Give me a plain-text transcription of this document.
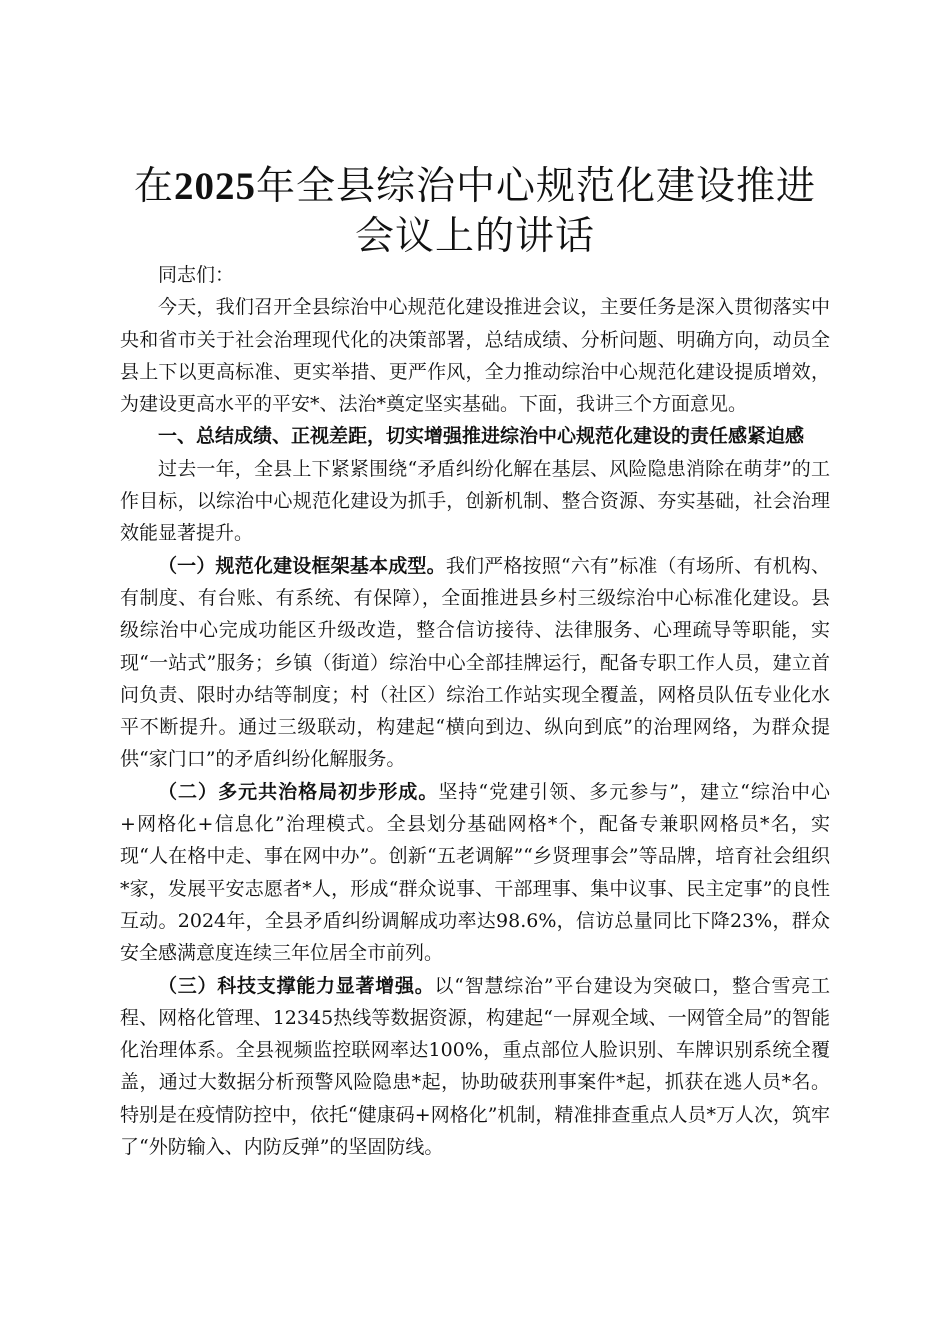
在2025年全县综治中心规范化建设推进会议上的讲话

同志们：

今天，我们召开全县综治中心规范化建设推进会议，主要任务是深入贯彻落实中央和省市关于社会治理现代化的决策部署，总结成绩、分析问题、明确方向，动员全县上下以更高标准、更实举措、更严作风，全力推动综治中心规范化建设提质增效，为建设更高水平的平安*、法治*奠定坚实基础。下面，我讲三个方面意见。

一、总结成绩、正视差距，切实增强推进综治中心规范化建设的责任感紧迫感

过去一年，全县上下紧紧围绕“矛盾纠纷化解在基层、风险隐患消除在萌芽”的工作目标，以综治中心规范化建设为抓手，创新机制、整合资源、夯实基础，社会治理效能显著提升。

（一）规范化建设框架基本成型。我们严格按照“六有”标准（有场所、有机构、有制度、有台账、有系统、有保障），全面推进县乡村三级综治中心标准化建设。县级综治中心完成功能区升级改造，整合信访接待、法律服务、心理疏导等职能，实现“一站式”服务；乡镇（街道）综治中心全部挂牌运行，配备专职工作人员，建立首问负责、限时办结等制度；村（社区）综治工作站实现全覆盖，网格员队伍专业化水平不断提升。通过三级联动，构建起“横向到边、纵向到底”的治理网络，为群众提供“家门口”的矛盾纠纷化解服务。

（二）多元共治格局初步形成。坚持“党建引领、多元参与”，建立“综治中心+网格化+信息化”治理模式。全县划分基础网格*个，配备专兼职网格员*名，实现“人在格中走、事在网中办”。创新“五老调解”“乡贤理事会”等品牌，培育社会组织*家，发展平安志愿者*人，形成“群众说事、干部理事、集中议事、民主定事”的良性互动。2024年，全县矛盾纠纷调解成功率达98.6%，信访总量同比下降23%，群众安全感满意度连续三年位居全市前列。

（三）科技支撑能力显著增强。以“智慧综治”平台建设为突破口，整合雪亮工程、网格化管理、12345热线等数据资源，构建起“一屏观全域、一网管全局”的智能化治理体系。全县视频监控联网率达100%，重点部位人脸识别、车牌识别系统全覆盖，通过大数据分析预警风险隐患*起，协助破获刑事案件*起，抓获在逃人员*名。特别是在疫情防控中，依托“健康码+网格化”机制，精准排查重点人员*万人次，筑牢了“外防输入、内防反弹”的坚固防线。
